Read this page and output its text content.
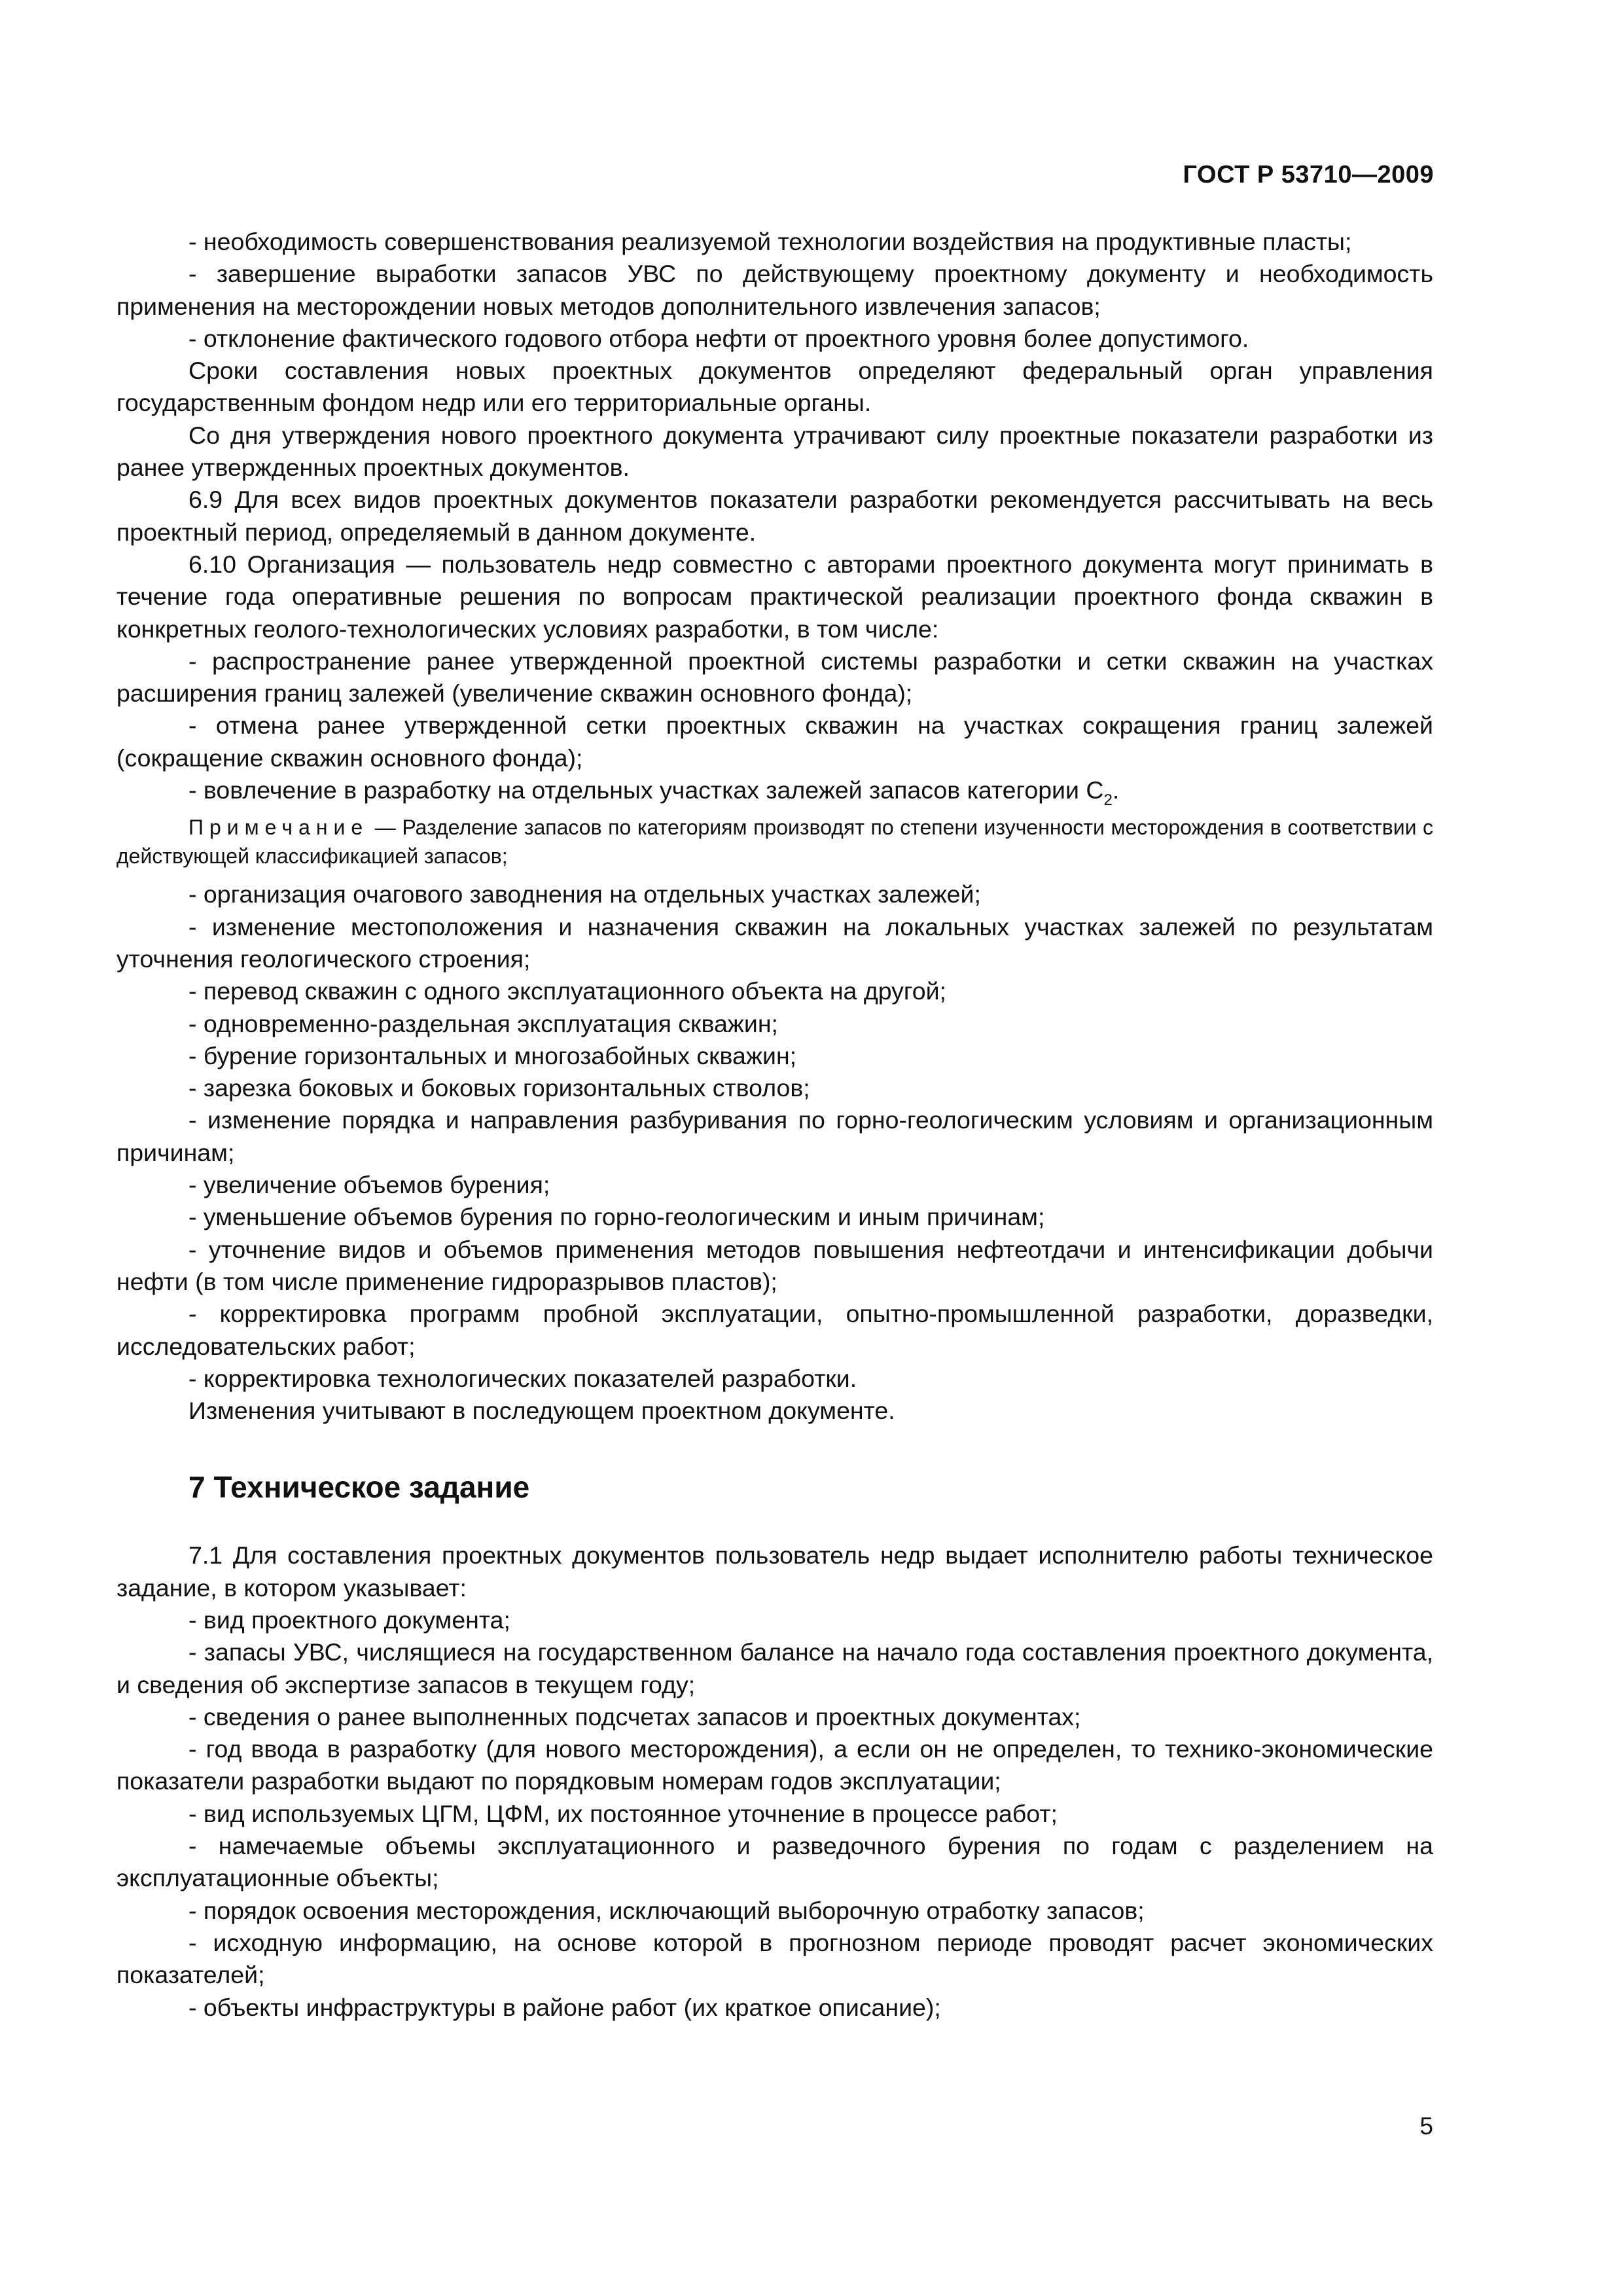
ГОСТ Р 53710—2009

- необходимость совершенствования реализуемой технологии воздействия на продуктивные пласты;

- завершение выработки запасов УВС по действующему проектному документу и необходимость применения на месторождении новых методов дополнительного извлечения запасов;

- отклонение фактического годового отбора нефти от проектного уровня более допустимого.

Сроки составления новых проектных документов определяют федеральный орган управления государственным фондом недр или его территориальные органы.

Со дня утверждения нового проектного документа утрачивают силу проектные показатели разработки из ранее утвержденных проектных документов.

6.9 Для всех видов проектных документов показатели разработки рекомендуется рассчитывать на весь проектный период, определяемый в данном документе.

6.10 Организация — пользователь недр совместно с авторами проектного документа могут принимать в течение года оперативные решения по вопросам практической реализации проектного фонда скважин в конкретных геолого-технологических условиях разработки, в том числе:

- распространение ранее утвержденной проектной системы разработки и сетки скважин на участках расширения границ залежей (увеличение скважин основного фонда);

- отмена ранее утвержденной сетки проектных скважин на участках сокращения границ залежей (сокращение скважин основного фонда);

- вовлечение в разработку на отдельных участках залежей запасов категории $C_2$.

Примечание — Разделение запасов по категориям производят по степени изученности месторождения в соответствии с действующей классификацией запасов;

- организация очагового заводнения на отдельных участках залежей;

- изменение местоположения и назначения скважин на локальных участках залежей по результатам уточнения геологического строения;

- перевод скважин с одного эксплуатационного объекта на другой;

- одновременно-раздельная эксплуатация скважин;

- бурение горизонтальных и многозабойных скважин;

- зарезка боковых и боковых горизонтальных стволов;

- изменение порядка и направления разбуривания по горно-геологическим условиям и организационным причинам;

- увеличение объемов бурения;

- уменьшение объемов бурения по горно-геологическим и иным причинам;

- уточнение видов и объемов применения методов повышения нефтеотдачи и интенсификации добычи нефти (в том числе применение гидроразрывов пластов);

- корректировка программ пробной эксплуатации, опытно-промышленной разработки, доразведки, исследовательских работ;

- корректировка технологических показателей разработки.

Изменения учитывают в последующем проектном документе.

7 Техническое задание

7.1 Для составления проектных документов пользователь недр выдает исполнителю работы техническое задание, в котором указывает:

- вид проектного документа;

- запасы УВС, числящиеся на государственном балансе на начало года составления проектного документа, и сведения об экспертизе запасов в текущем году;

- сведения о ранее выполненных подсчетах запасов и проектных документах;

- год ввода в разработку (для нового месторождения), а если он не определен, то технико-экономические показатели разработки выдают по порядковым номерам годов эксплуатации;

- вид используемых ЦГМ, ЦФМ, их постоянное уточнение в процессе работ;

- намечаемые объемы эксплуатационного и разведочного бурения по годам с разделением на эксплуатационные объекты;

- порядок освоения месторождения, исключающий выборочную отработку запасов;

- исходную информацию, на основе которой в прогнозном периоде проводят расчет экономических показателей;

- объекты инфраструктуры в районе работ (их краткое описание);

5
